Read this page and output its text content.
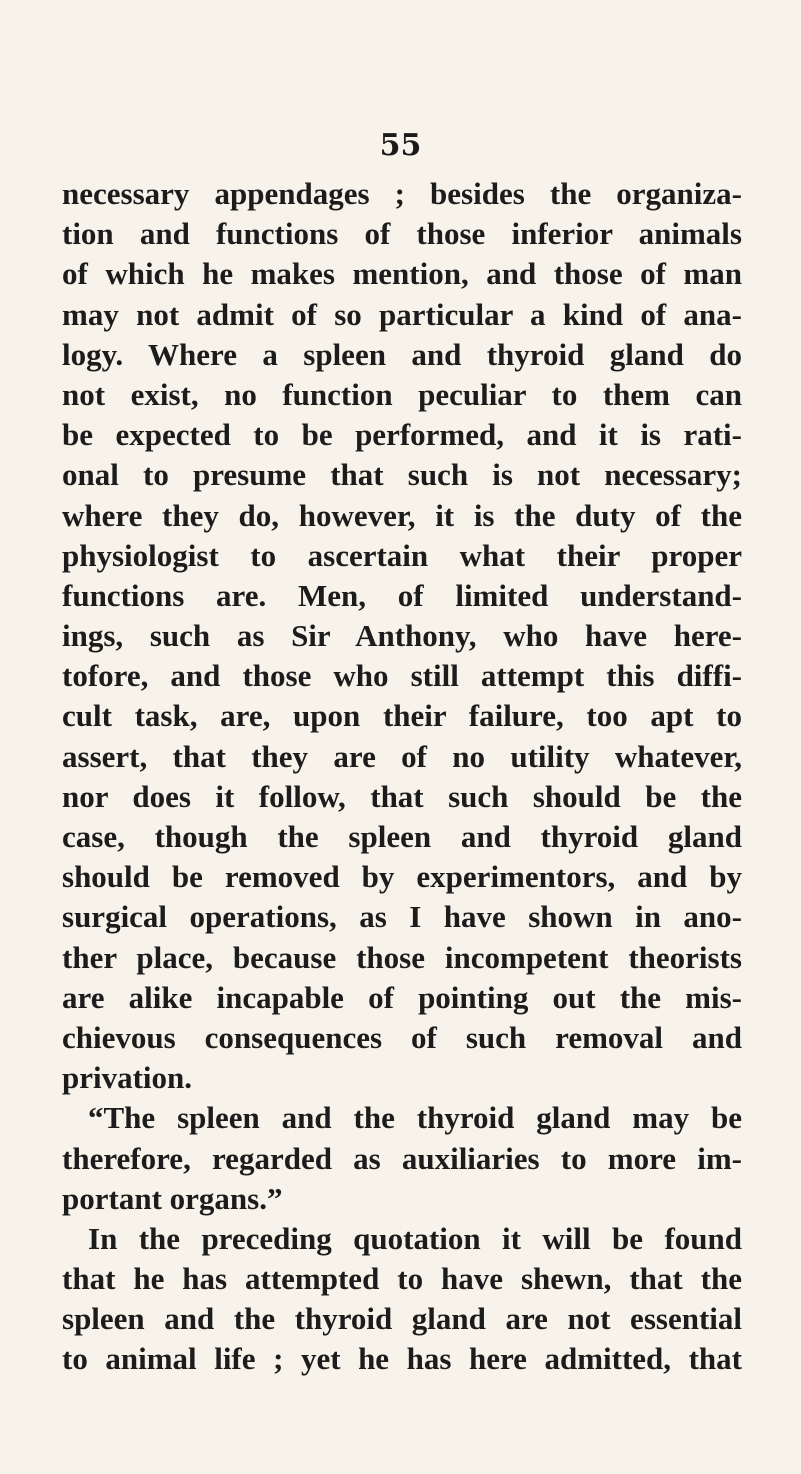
55
necessary appendages ; besides the organiza-
tion and functions of those inferior animals
of which he makes mention, and those of man
may not admit of so particular a kind of ana-
logy. Where a spleen and thyroid gland do
not exist, no function peculiar to them can
be expected to be performed, and it is rati-
onal to presume that such is not necessary;
where they do, however, it is the duty of the
physiologist to ascertain what their proper
functions are. Men, of limited understand-
ings, such as Sir Anthony, who have here-
tofore, and those who still attempt this diffi-
cult task, are, upon their failure, too apt to
assert, that they are of no utility whatever,
nor does it follow, that such should be the
case, though the spleen and thyroid gland
should be removed by experimentors, and by
surgical operations, as I have shown in ano-
ther place, because those incompetent theorists
are alike incapable of pointing out the mis-
chievous consequences of such removal and
privation.
“The spleen and the thyroid gland may be
therefore, regarded as auxiliaries to more im-
portant organs.”
In the preceding quotation it will be found
that he has attempted to have shewn, that the
spleen and the thyroid gland are not essential
to animal life ; yet he has here admitted, that
